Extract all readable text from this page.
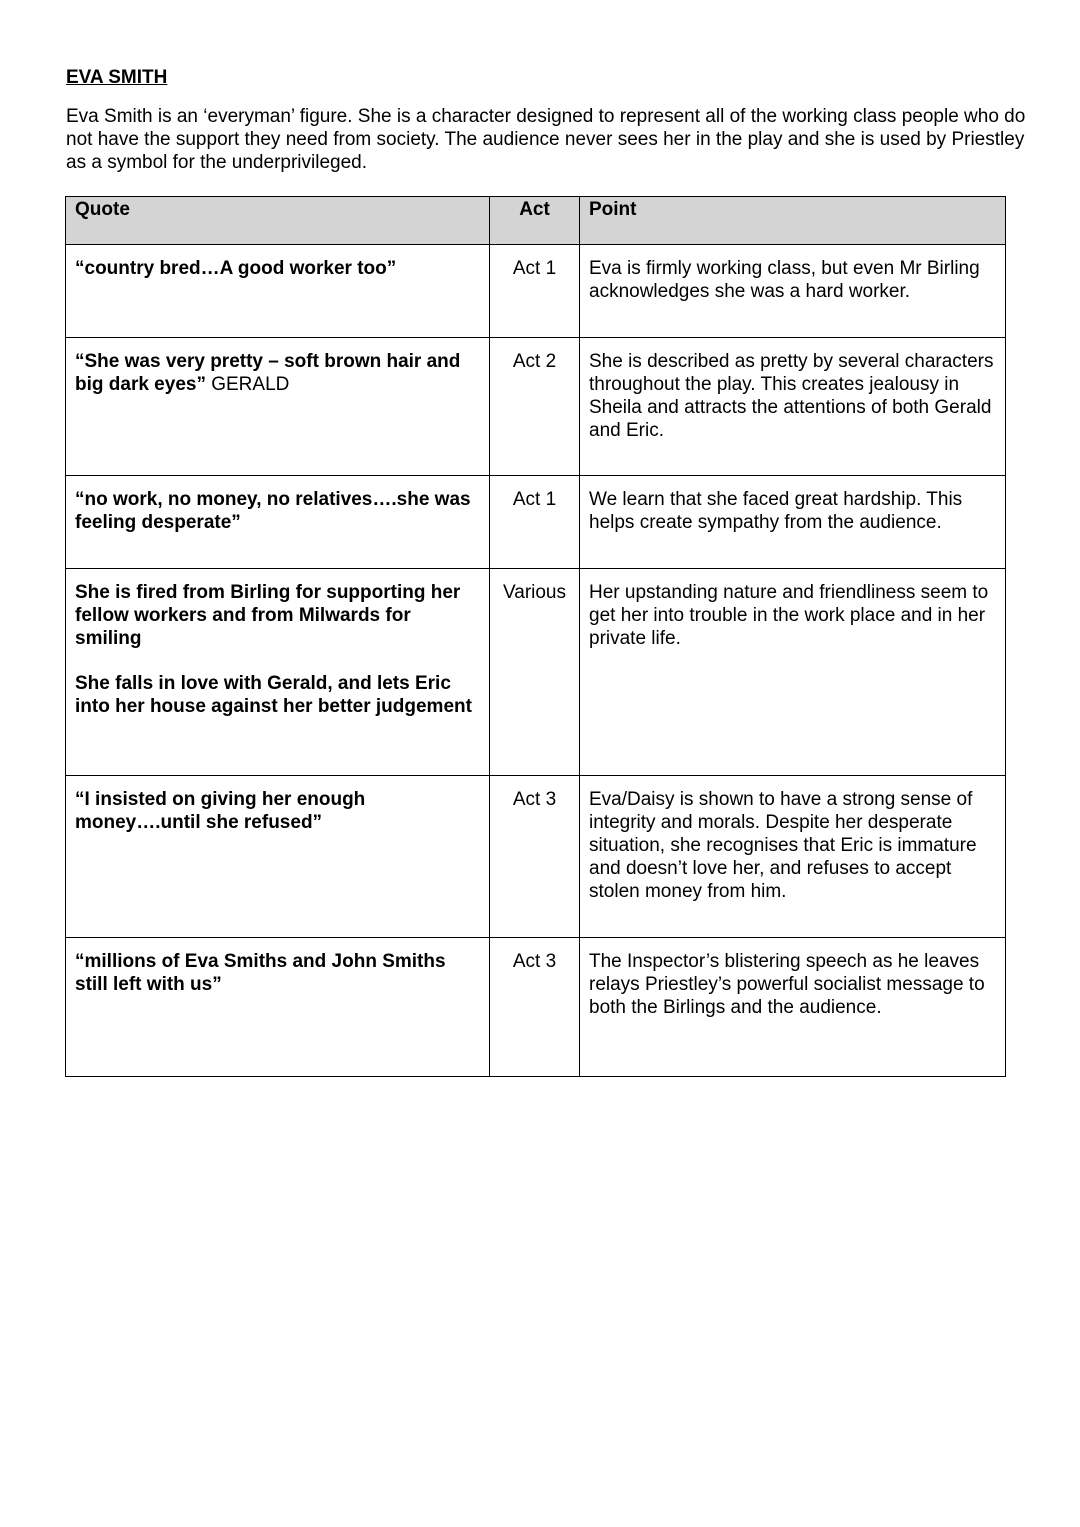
EVA SMITH

Eva Smith is an ‘everyman’ figure. She is a character designed to represent all of the working class people who do not have the support they need from society. The audience never sees her in the play and she is used by Priestley as a symbol for the underprivileged.

Quote	Act	Point

“country bred…A good worker too”	Act 1	Eva is firmly working class, but even Mr Birling acknowledges she was a hard worker.

“She was very pretty – soft brown hair and big dark eyes” GERALD	Act 2	She is described as pretty by several characters throughout the play. This creates jealousy in Sheila and attracts the attentions of both Gerald and Eric.

“no work, no money, no relatives….she was feeling desperate”	Act 1	We learn that she faced great hardship. This helps create sympathy from the audience.

She is fired from Birling for supporting her fellow workers and from Milwards for smiling

She falls in love with Gerald, and lets Eric into her house against her better judgement	Various	Her upstanding nature and friendliness seem to get her into trouble in the work place and in her private life.

“I insisted on giving her enough money….until she refused”	Act 3	Eva/Daisy is shown to have a strong sense of integrity and morals. Despite her desperate situation, she recognises that Eric is immature and doesn’t love her, and refuses to accept stolen money from him.

“millions of Eva Smiths and John Smiths still left with us”	Act 3	The Inspector’s blistering speech as he leaves relays Priestley’s powerful socialist message to both the Birlings and the audience.
